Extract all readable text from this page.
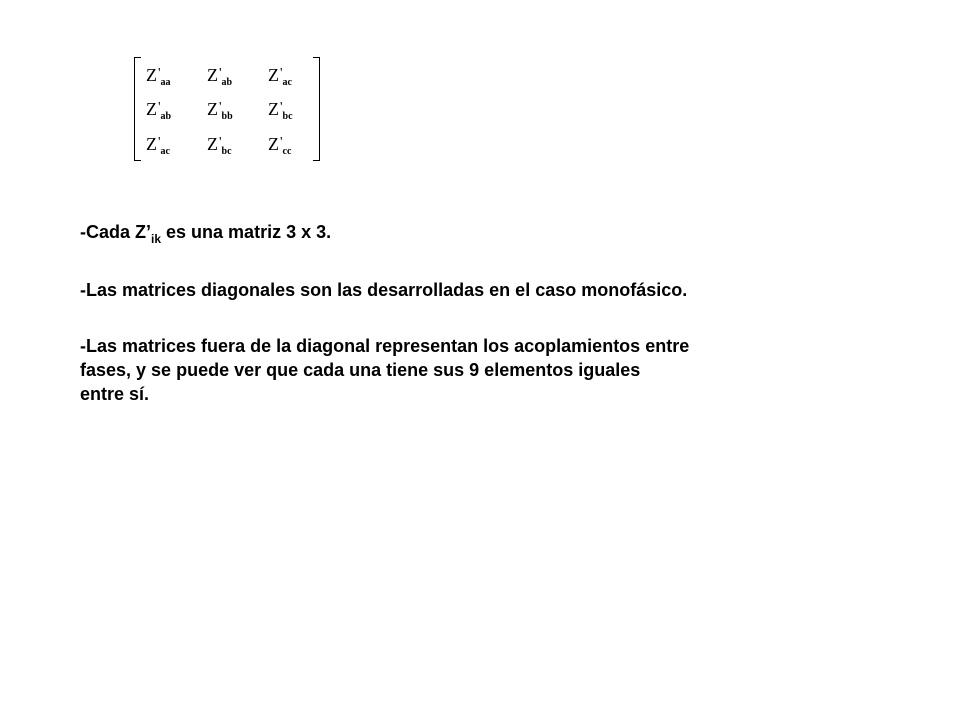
$Z'_{aa}$ $Z'_{ab}$ $Z'_{ac}$
$Z'_{ab}$ $Z'_{bb}$ $Z'_{bc}$
$Z'_{ac}$ $Z'_{bc}$ $Z'_{cc}$
-Cada $Z’_{ik}$ es una matriz 3 x 3.
-Las matrices diagonales son las desarrolladas en el caso monofásico.
-Las matrices fuera de la diagonal representan los acoplamientos entre
fases, y se puede ver que cada una tiene sus 9 elementos iguales
entre sí.
